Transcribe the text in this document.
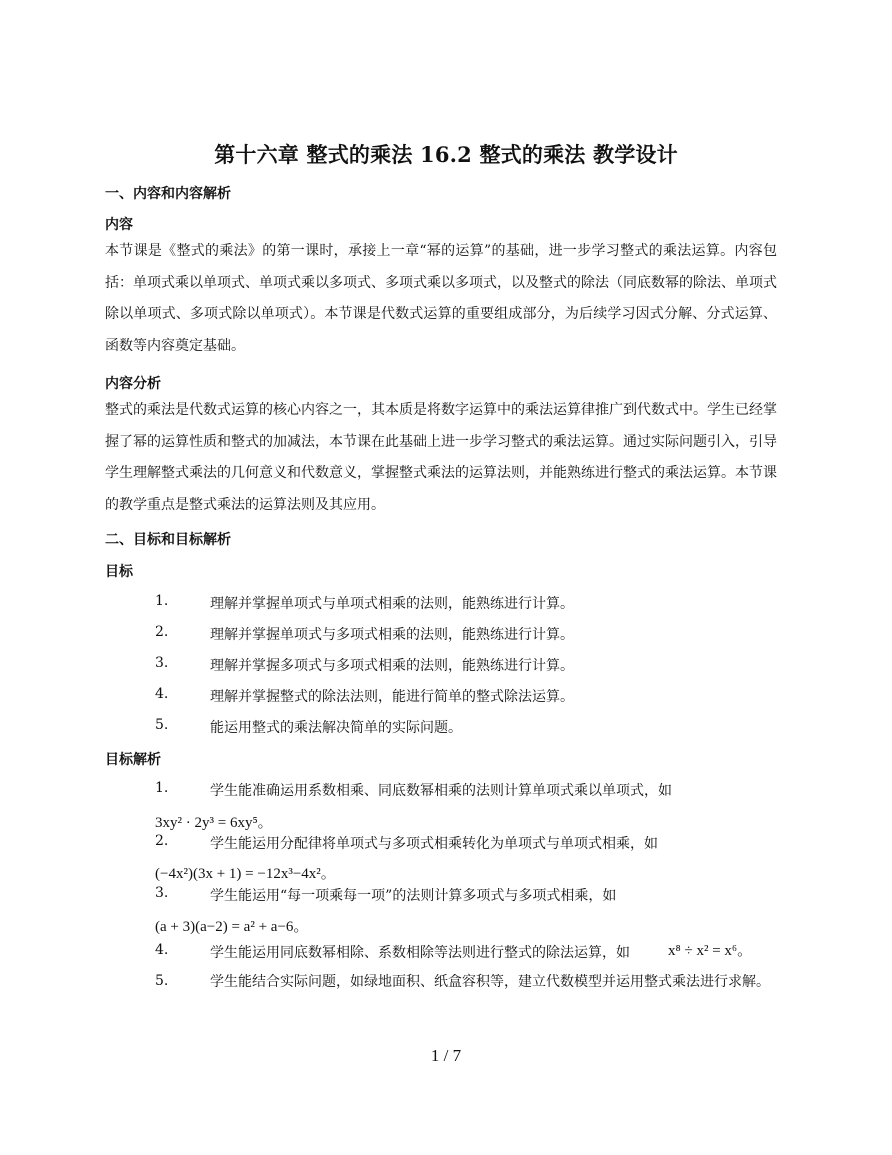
第十六章 整式的乘法 16.2 整式的乘法 教学设计
一、内容和内容解析
内容
本节课是《整式的乘法》的第一课时，承接上一章“幂的运算”的基础，进一步学习整式的乘法运算。内容包括：单项式乘以单项式、单项式乘以多项式、多项式乘以多项式，以及整式的除法（同底数幂的除法、单项式除以单项式、多项式除以单项式）。本节课是代数式运算的重要组成部分，为后续学习因式分解、分式运算、函数等内容奠定基础。
内容分析
整式的乘法是代数式运算的核心内容之一，其本质是将数字运算中的乘法运算律推广到代数式中。学生已经掌握了幂的运算性质和整式的加减法，本节课在此基础上进一步学习整式的乘法运算。通过实际问题引入，引导学生理解整式乘法的几何意义和代数意义，掌握整式乘法的运算法则，并能熟练进行整式的乘法运算。本节课的教学重点是整式乘法的运算法则及其应用。
二、目标和目标解析
目标
1.	理解并掌握单项式与单项式相乘的法则，能熟练进行计算。
2.	理解并掌握单项式与多项式相乘的法则，能熟练进行计算。
3.	理解并掌握多项式与多项式相乘的法则，能熟练进行计算。
4.	理解并掌握整式的除法法则，能进行简单的整式除法运算。
5.	能运用整式的乘法解决简单的实际问题。
目标解析
1.	学生能准确运用系数相乘、同底数幂相乘的法则计算单项式乘以单项式，如
3xy² · 2y³ = 6xy⁵。
2.	学生能运用分配律将单项式与多项式相乘转化为单项式与单项式相乘，如
(−4x²)(3x + 1) = −12x³−4x²。
3.	学生能运用“每一项乘每一项”的法则计算多项式与多项式相乘，如
(a + 3)(a−2) = a² + a−6。
4.	学生能运用同底数幂相除、系数相除等法则进行整式的除法运算，如	x⁸ ÷ x² = x⁶。
5.	学生能结合实际问题，如绿地面积、纸盒容积等，建立代数模型并运用整式乘法进行求解。
1 / 7
